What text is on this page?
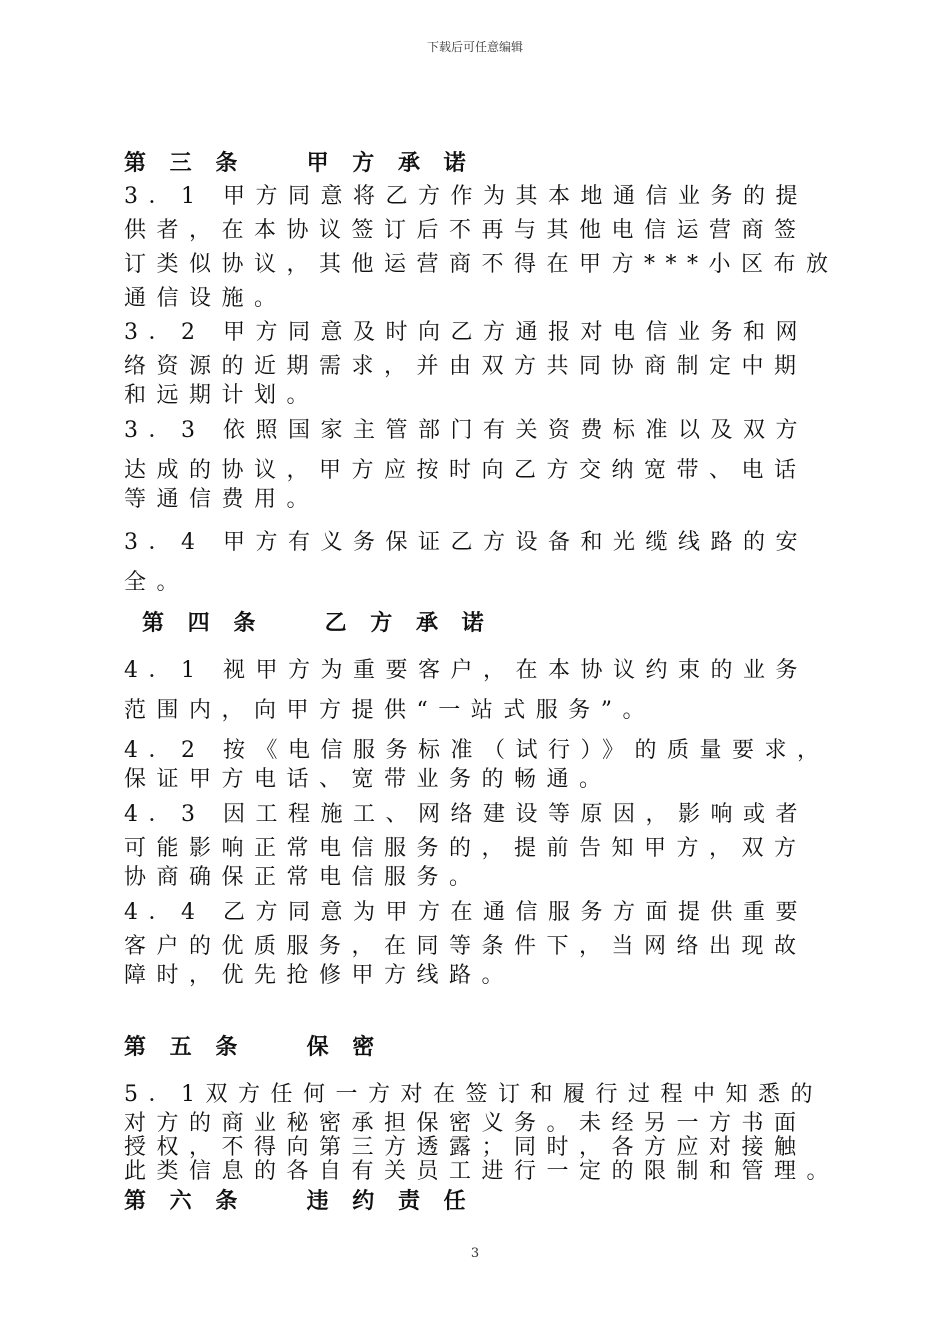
下载后可任意编辑

第 三 条 　 甲 方 承 诺

3．1 甲方同意将乙方作为其本地通信业务的提

供者，在本协议签订后不再与其他电信运营商签

订类似协议，其他运营商不得在甲方***小区布放

通信设施。

3．2 甲方同意及时向乙方通报对电信业务和网

络资源的近期需求，并由双方共同协商制定中期

和远期计划。

3．3 依照国家主管部门有关资费标准以及双方

达成的协议，甲方应按时向乙方交纳宽带、电话

等通信费用。

3．4 甲方有义务保证乙方设备和光缆线路的安

全。

第 四 条 　 乙 方 承 诺

4．1 视甲方为重要客户，在本协议约束的业务

范围内，向甲方提供“一站式服务”。

4．2 按《电信服务标准（试行）》的质量要求，

保证甲方电话、宽带业务的畅通。

4．3 因工程施工、网络建设等原因，影响或者

可能影响正常电信服务的，提前告知甲方，双方

协商确保正常电信服务。

4．4 乙方同意为甲方在通信服务方面提供重要

客户的优质服务，在同等条件下，当网络出现故

障时，优先抢修甲方线路。

第 五 条 　 保 密

5．1双方任何一方对在签订和履行过程中知悉的

对方的商业秘密承担保密义务。未经另一方书面

授权，不得向第三方透露；同时，各方应对接触

此类信息的各自有关员工进行一定的限制和管理。

第 六 条 　 违 约 责 任

3
